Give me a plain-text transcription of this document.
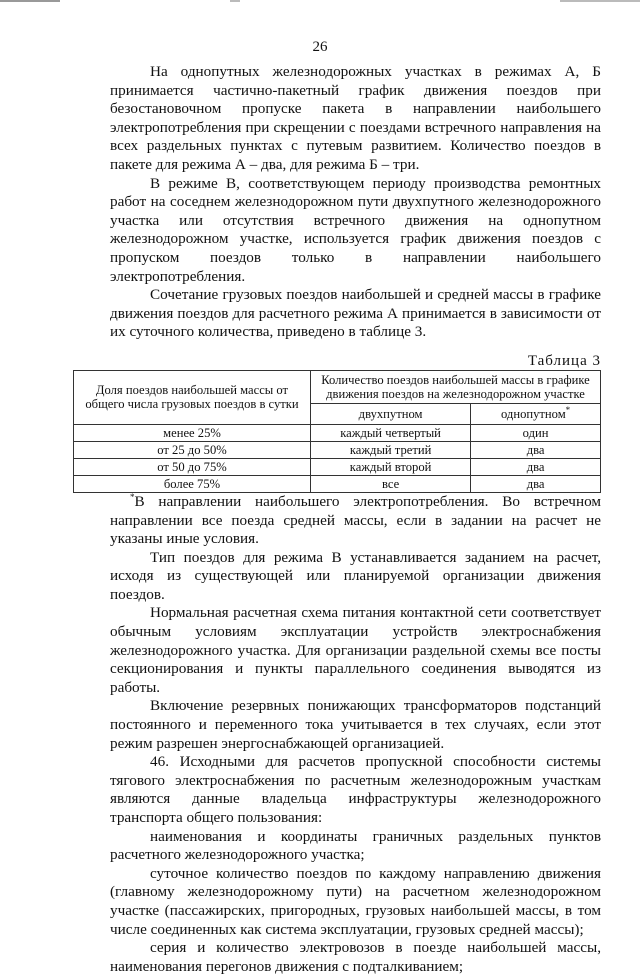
26

На однопутных железнодорожных участках в режимах А, Б принимается частично-пакетный график движения поездов при безостановочном пропуске пакета в направлении наибольшего электропотребления при скрещении с поездами встречного направления на всех раздельных пунктах с путевым развитием. Количество поездов в пакете для режима А – два, для режима Б – три.

В режиме В, соответствующем периоду производства ремонтных работ на соседнем железнодорожном пути двухпутного железнодорожного участка или отсутствия встречного движения на однопутном железнодорожном участке, используется график движения поездов с пропуском поездов только в направлении наибольшего электропотребления.

Сочетание грузовых поездов наибольшей и средней массы в графике движения поездов для расчетного режима А принимается в зависимости от их суточного количества, приведено в таблице 3.

Таблица 3
Доля поездов наибольшей массы от общего числа грузовых поездов в сутки	Количество поездов наибольшей массы в графике движения поездов на железнодорожном участке	
	двухпутном	однопутном*
менее 25%	каждый четвертый	один
от 25 до 50%	каждый третий	два
от 50 до 75%	каждый второй	два
более 75%	все	два

*В направлении наибольшего электропотребления. Во встречном направлении все поезда средней массы, если в задании на расчет не указаны иные условия.

Тип поездов для режима В устанавливается заданием на расчет, исходя из существующей или планируемой организации движения поездов.

Нормальная расчетная схема питания контактной сети соответствует обычным условиям эксплуатации устройств электроснабжения железнодорожного участка. Для организации раздельной схемы все посты секционирования и пункты параллельного соединения выводятся из работы.

Включение резервных понижающих трансформаторов подстанций постоянного и переменного тока учитывается в тех случаях, если этот режим разрешен энергоснабжающей организацией.

46. Исходными для расчетов пропускной способности системы тягового электроснабжения по расчетным железнодорожным участкам являются данные владельца инфраструктуры железнодорожного транспорта общего пользования:

наименования и координаты граничных раздельных пунктов расчетного железнодорожного участка;

суточное количество поездов по каждому направлению движения (главному железнодорожному пути) на расчетном железнодорожном участке (пассажирских, пригородных, грузовых наибольшей массы, в том числе соединенных как система эксплуатации, грузовых средней массы);

серия и количество электровозов в поезде наибольшей массы, наименования перегонов движения с подталкиванием;
